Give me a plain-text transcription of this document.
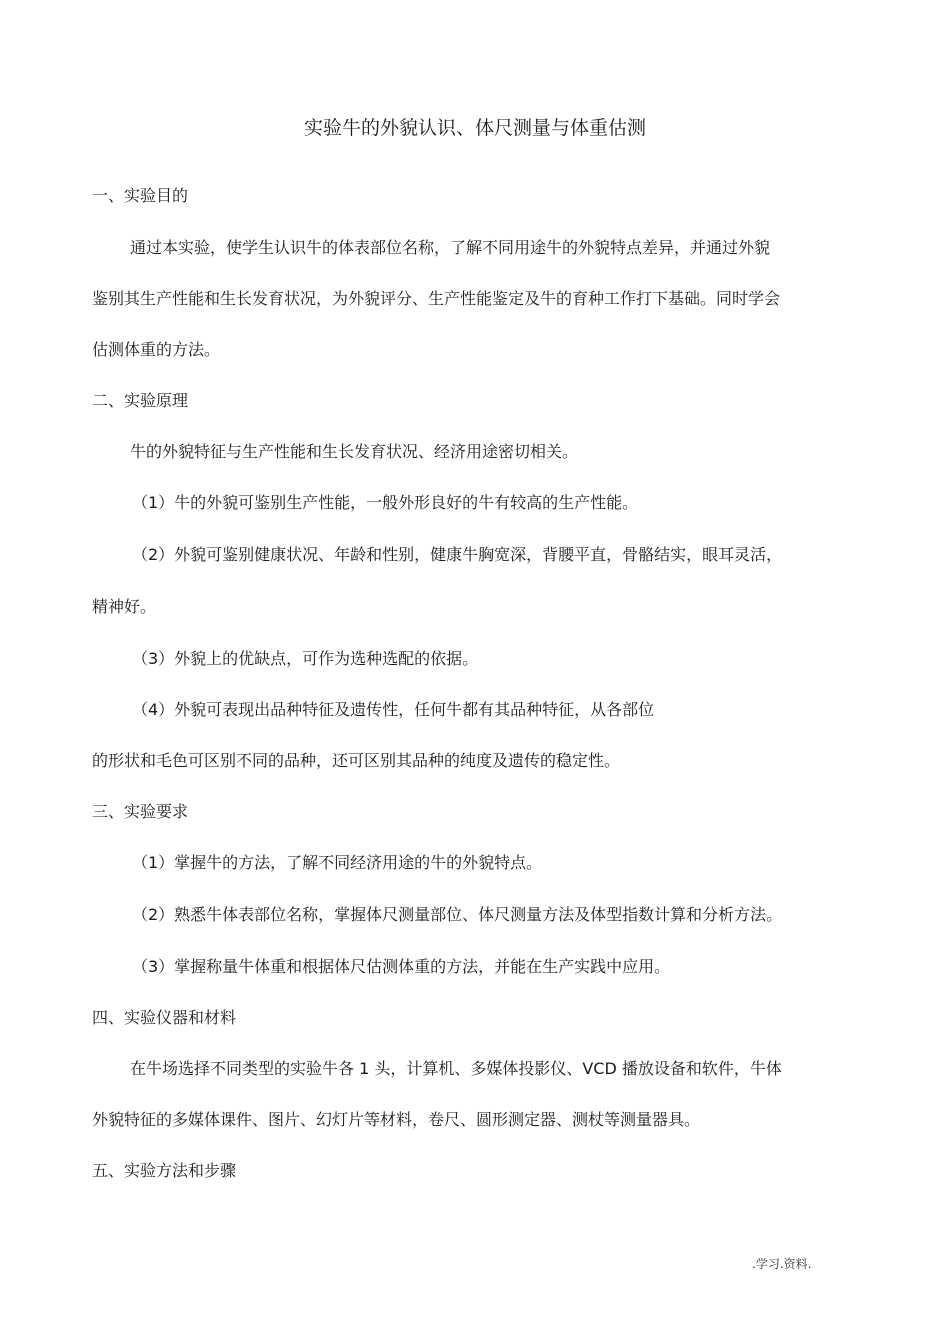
实验牛的外貌认识、体尺测量与体重估测
一、实验目的
通过本实验，使学生认识牛的体表部位名称，了解不同用途牛的外貌特点差异，并通过外貌
鉴别其生产性能和生长发育状况，为外貌评分、生产性能鉴定及牛的育种工作打下基础。同时学会
估测体重的方法。
二、实验原理
牛的外貌特征与生产性能和生长发育状况、经济用途密切相关。
（1）牛的外貌可鉴别生产性能，一般外形良好的牛有较高的生产性能。
（2）外貌可鉴别健康状况、年龄和性别，健康牛胸宽深，背腰平直，骨骼结实，眼耳灵活，
精神好。
（3）外貌上的优缺点，可作为选种选配的依据。
（4）外貌可表现出品种特征及遗传性，任何牛都有其品种特征，从各部位
的形状和毛色可区别不同的品种，还可区别其品种的纯度及遗传的稳定性。
三、实验要求
（1）掌握牛的方法，了解不同经济用途的牛的外貌特点。
（2）熟悉牛体表部位名称，掌握体尺测量部位、体尺测量方法及体型指数计算和分析方法。
（3）掌握称量牛体重和根据体尺估测体重的方法，并能在生产实践中应用。
四、实验仪器和材料
在牛场选择不同类型的实验牛各 1 头，计算机、多媒体投影仪、VCD 播放设备和软件，牛体
外貌特征的多媒体课件、图片、幻灯片等材料，卷尺、圆形测定器、测杖等测量器具。
五、实验方法和步骤
.学习.资料.
